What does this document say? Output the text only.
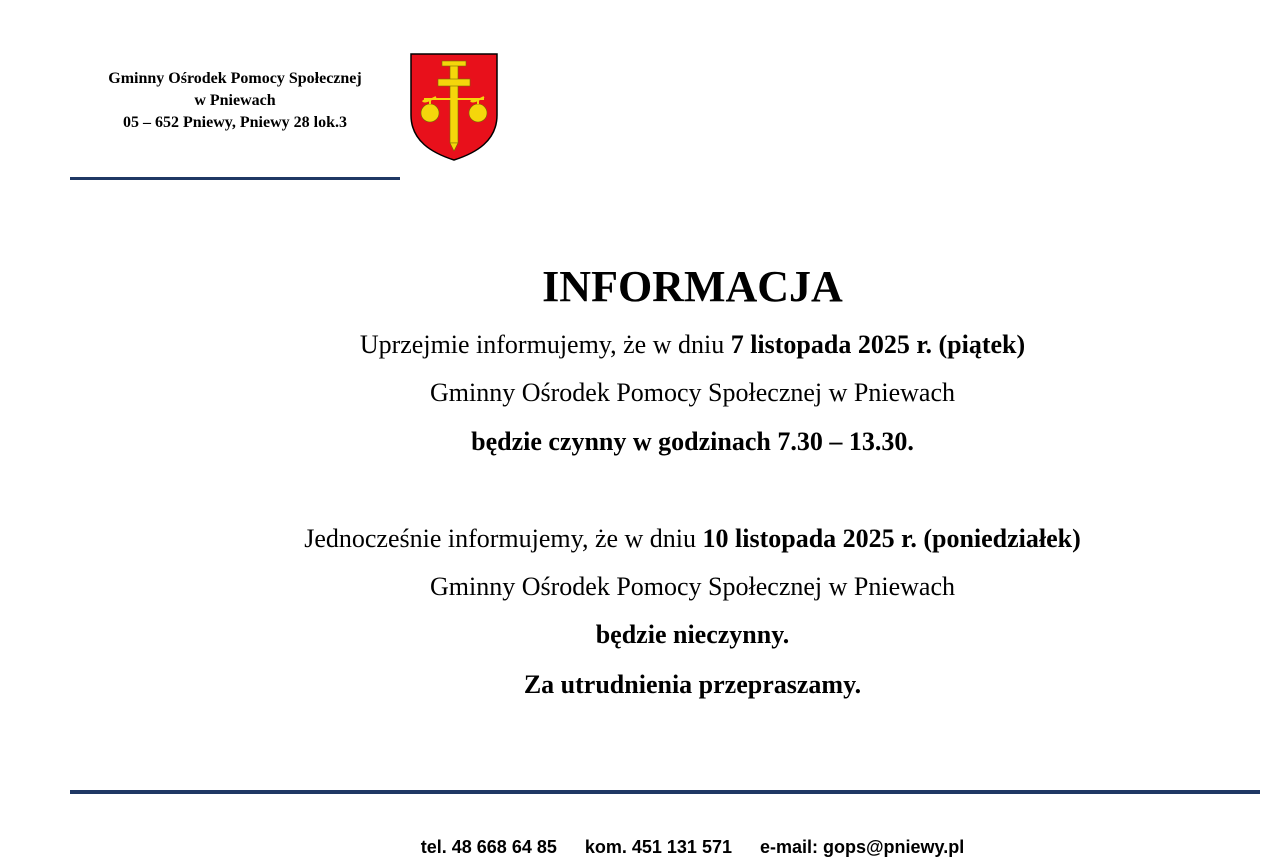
Gminny Ośrodek Pomocy Społecznej
w Pniewach
05 – 652 Pniewy, Pniewy 28 lok.3
INFORMACJA
Uprzejmie informujemy, że w dniu 7 listopada 2025 r. (piątek)
Gminny Ośrodek Pomocy Społecznej w Pniewach
będzie czynny w godzinach 7.30 – 13.30.
Jednocześnie informujemy, że w dniu 10 listopada 2025 r. (poniedziałek)
Gminny Ośrodek Pomocy Społecznej w Pniewach
będzie nieczynny.
Za utrudnienia przepraszamy.
tel. 48 668 64 85 kom. 451 131 571 e-mail: gops@pniewy.pl
